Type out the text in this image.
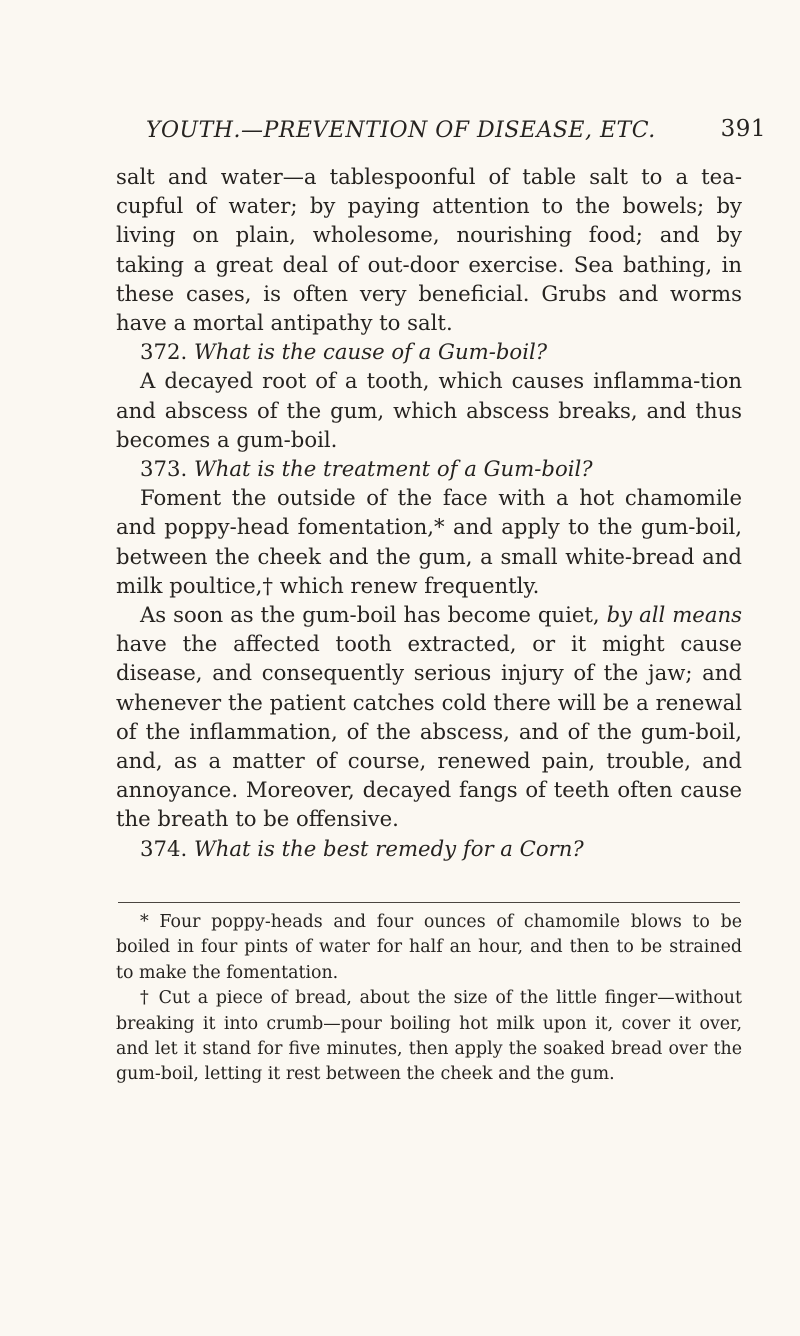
YOUTH.—PREVENTION OF DISEASE, ETC.	391

salt and water—a tablespoonful of table salt to a tea-cupful of water; by paying attention to the bowels; by living on plain, wholesome, nourishing food; and by taking a great deal of out-door exercise. Sea bathing, in these cases, is often very beneficial. Grubs and worms have a mortal antipathy to salt.

372. What is the cause of a Gum-boil?

A decayed root of a tooth, which causes inflamma-tion and abscess of the gum, which abscess breaks, and thus becomes a gum-boil.

373. What is the treatment of a Gum-boil?

Foment the outside of the face with a hot chamomile and poppy-head fomentation,* and apply to the gum-boil, between the cheek and the gum, a small white-bread and milk poultice,† which renew frequently.

As soon as the gum-boil has become quiet, by all means have the affected tooth extracted, or it might cause disease, and consequently serious injury of the jaw; and whenever the patient catches cold there will be a renewal of the inflammation, of the abscess, and of the gum-boil, and, as a matter of course, renewed pain, trouble, and annoyance. Moreover, decayed fangs of teeth often cause the breath to be offensive.

374. What is the best remedy for a Corn?

* Four poppy-heads and four ounces of chamomile blows to be boiled in four pints of water for half an hour, and then to be strained to make the fomentation.

† Cut a piece of bread, about the size of the little finger—without breaking it into crumb—pour boiling hot milk upon it, cover it over, and let it stand for five minutes, then apply the soaked bread over the gum-boil, letting it rest between the cheek and the gum.
